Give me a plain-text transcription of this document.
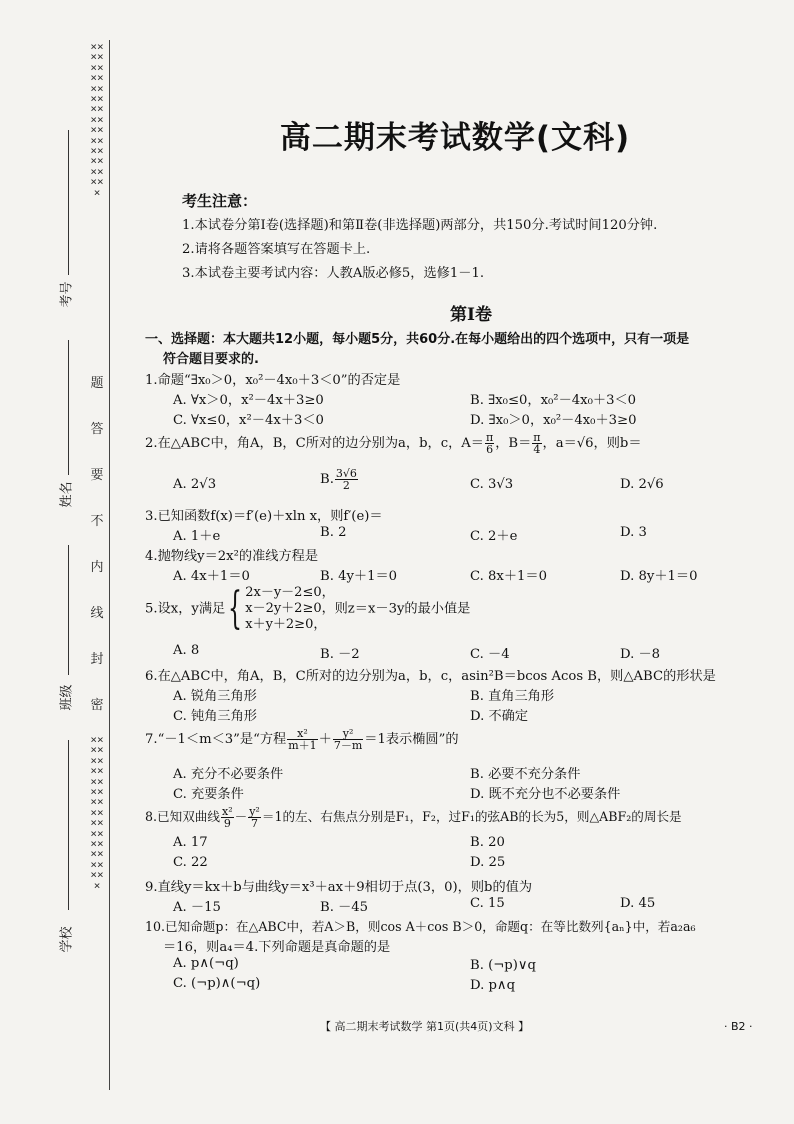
×××××××××××××××××××××××××××××
×××××××××××××××××××××××××××××
题
答
要
不
内
线
封
密
考号
姓名
班级
学校
高二期末考试数学(文科)
考生注意：
1.本试卷分第Ⅰ卷(选择题)和第Ⅱ卷(非选择题)两部分，共150分.考试时间120分钟.
2.请将各题答案填写在答题卡上.
3.本试卷主要考试内容：人教A版必修5，选修1－1.
第Ⅰ卷
一、选择题：本大题共12小题，每小题5分，共60分.在每小题给出的四个选项中，只有一项是
符合题目要求的.
1.命题“∃x₀＞0，x₀²－4x₀＋3＜0”的否定是
A. ∀x＞0，x²－4x＋3≥0	B. ∃x₀≤0，x₀²－4x₀＋3＜0
C. ∀x≤0，x²－4x＋3＜0	D. ∃x₀＞0，x₀²－4x₀＋3≥0
2.在△ABC中，角A，B，C所对的边分别为a，b，c，$A= \frac{\pi}{6}$ ，$B= \frac{\pi}{4}$ ，a＝√6，则b＝
A. 2√3	B. $\frac{3√6}{2}$	C. 3√3	D. 2√6
3.已知函数f(x)＝f′(e)＋xln x，则f′(e)＝
A. 1＋e	B. 2	C. 2＋e	D. 3
4.抛物线y＝2x²的准线方程是
A. 4x＋1＝0	B. 4y＋1＝0	C. 8x＋1＝0	D. 8y＋1＝0
5.设x，y满足{ 2x－y－2≤0，
x－2y＋2≥0，
x＋y＋2≥0，则z＝x－3y的最小值是
A. 8	B. －2	C. －4	D. －8
6.在△ABC中，角A，B，C所对的边分别为a，b，c，asin²B＝bcos Acos B，则△ABC的形状是
A. 锐角三角形	B. 直角三角形
C. 钝角三角形	D. 不确定
7.“－1＜m＜3”是“方程 $\frac{\text{x²}}{m+1} + \frac{\text{y²}}{7-m} =1$表示椭圆”的
A. 充分不必要条件	B. 必要不充分条件
C. 充要条件	D. 既不充分也不必要条件
8.已知双曲线 $\frac{\text{x²}}{9} - \frac{\text{y²}}{7} =1$的左、右焦点分别是F₁，F₂，过F₁的弦AB的长为5，则△ABF₂的周长是
A. 17	B. 20
C. 22	D. 25
9.直线y＝kx＋b与曲线y＝x³＋ax＋9相切于点(3，0)，则b的值为
A. －15	B. －45	C. 15	D. 45
10.已知命题p：在△ABC中，若A＞B，则cos A＋cos B＞0，命题q：在等比数列{aₙ}中，若a₂a₆
＝16，则a₄＝4.下列命题是真命题的是
A. p∧(¬q)	B. (¬p)∨q
C. (¬p)∧(¬q)	D. p∧q
【 高二期末考试数学 第1页(共4页)文科 】	· B2 ·
